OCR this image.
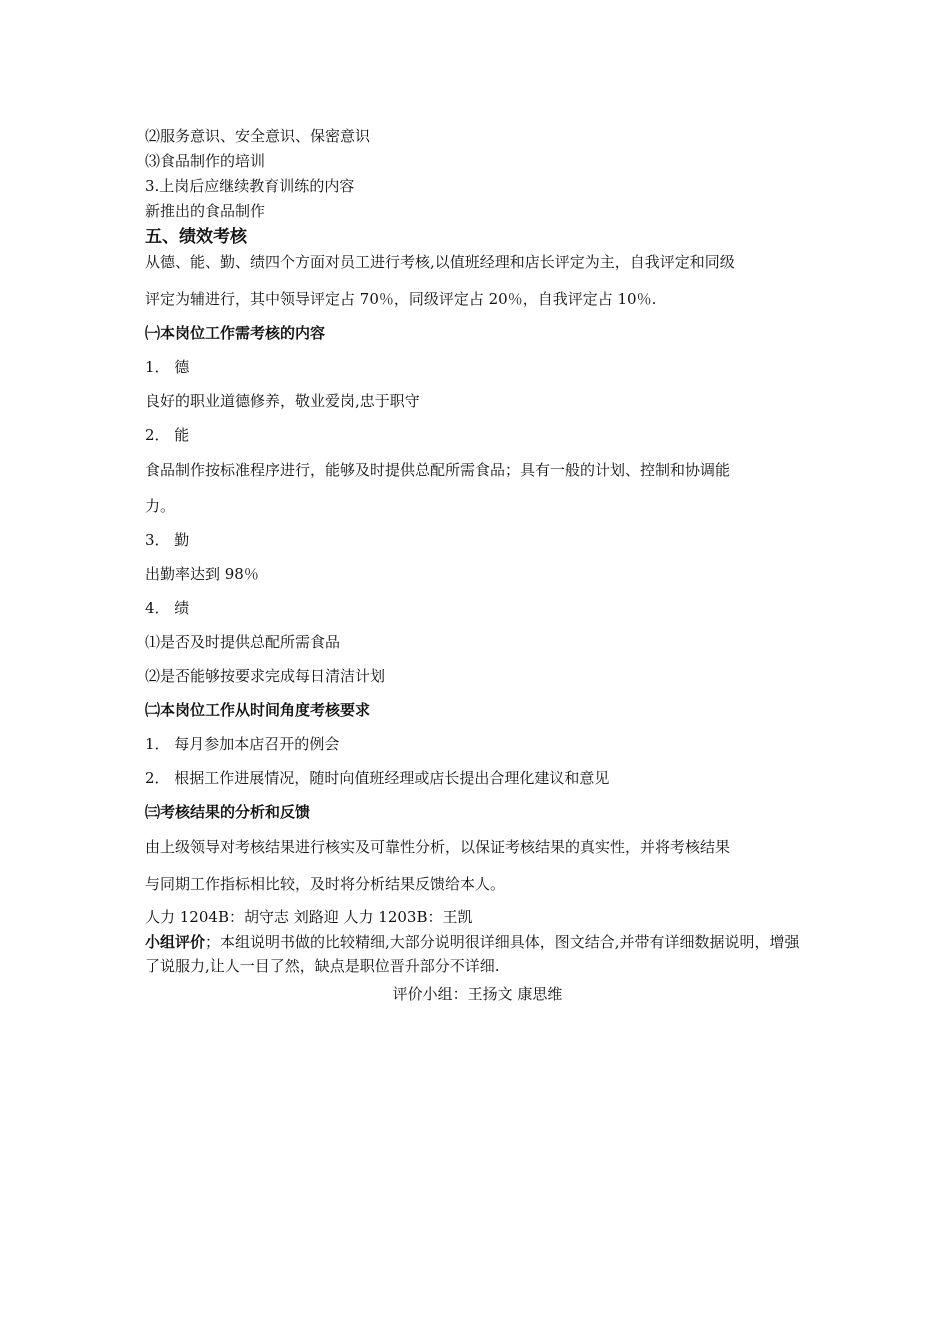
⑵服务意识、安全意识、保密意识
⑶食品制作的培训
3.上岗后应继续教育训练的内容
新推出的食品制作
五、绩效考核
从德、能、勤、绩四个方面对员工进行考核,以值班经理和店长评定为主，自我评定和同级
评定为辅进行，其中领导评定占 70％，同级评定占 20％，自我评定占 10％.
㈠本岗位工作需考核的内容
1． 德
良好的职业道德修养，敬业爱岗,忠于职守
2． 能
食品制作按标准程序进行，能够及时提供总配所需食品；具有一般的计划、控制和协调能
力。
3． 勤
出勤率达到 98％
4． 绩
⑴是否及时提供总配所需食品
⑵是否能够按要求完成每日清洁计划
㈡本岗位工作从时间角度考核要求
1． 每月参加本店召开的例会
2． 根据工作进展情况，随时向值班经理或店长提出合理化建议和意见
㈢考核结果的分析和反馈
由上级领导对考核结果进行核实及可靠性分析，以保证考核结果的真实性，并将考核结果
与同期工作指标相比较，及时将分析结果反馈给本人。
人力 1204B：胡守志 刘路迎 人力 1203B：王凯
小组评价；本组说明书做的比较精细,大部分说明很详细具体，图文结合,并带有详细数据说明，增强了说服力,让人一目了然，缺点是职位晋升部分不详细.
评价小组：王扬文 康思维
